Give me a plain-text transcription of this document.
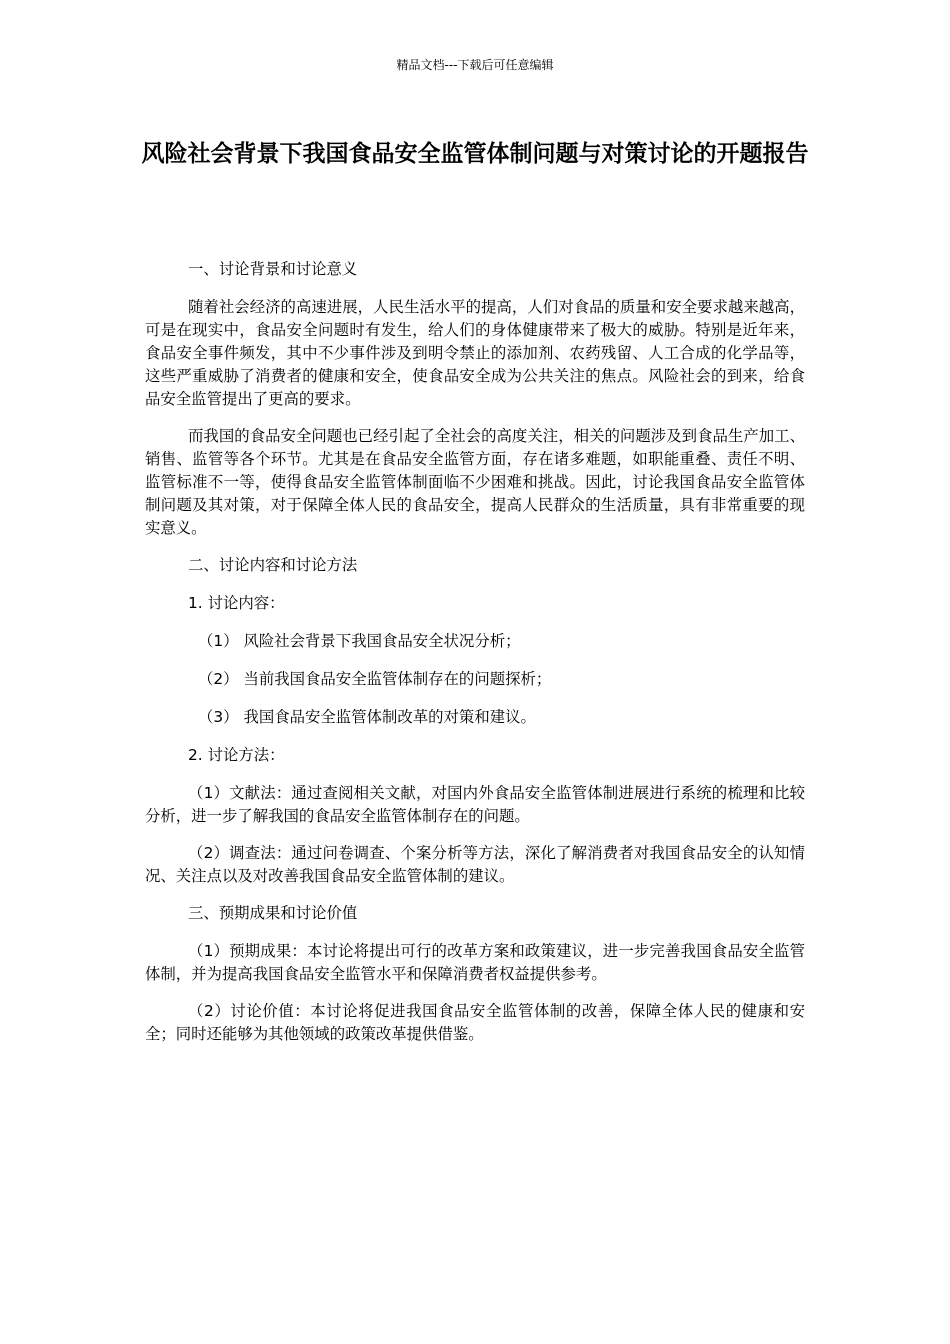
精品文档---下载后可任意编辑
风险社会背景下我国食品安全监管体制问题与对策讨论的开题报告

一、讨论背景和讨论意义

随着社会经济的高速进展，人民生活水平的提高，人们对食品的质量和安全要求越来越高，可是在现实中，食品安全问题时有发生，给人们的身体健康带来了极大的威胁。特别是近年来，食品安全事件频发，其中不少事件涉及到明令禁止的添加剂、农药残留、人工合成的化学品等，这些严重威胁了消费者的健康和安全，使食品安全成为公共关注的焦点。风险社会的到来，给食品安全监管提出了更高的要求。

而我国的食品安全问题也已经引起了全社会的高度关注，相关的问题涉及到食品生产加工、销售、监管等各个环节。尤其是在食品安全监管方面，存在诸多难题，如职能重叠、责任不明、监管标准不一等，使得食品安全监管体制面临不少困难和挑战。因此，讨论我国食品安全监管体制问题及其对策，对于保障全体人民的食品安全，提高人民群众的生活质量，具有非常重要的现实意义。

二、讨论内容和讨论方法

1. 讨论内容：

（1） 风险社会背景下我国食品安全状况分析；

（2） 当前我国食品安全监管体制存在的问题探析；

（3） 我国食品安全监管体制改革的对策和建议。

2. 讨论方法：

（1）文献法：通过查阅相关文献，对国内外食品安全监管体制进展进行系统的梳理和比较分析，进一步了解我国的食品安全监管体制存在的问题。

（2）调查法：通过问卷调查、个案分析等方法，深化了解消费者对我国食品安全的认知情况、关注点以及对改善我国食品安全监管体制的建议。

三、预期成果和讨论价值

（1）预期成果：本讨论将提出可行的改革方案和政策建议，进一步完善我国食品安全监管体制，并为提高我国食品安全监管水平和保障消费者权益提供参考。

（2）讨论价值：本讨论将促进我国食品安全监管体制的改善，保障全体人民的健康和安全；同时还能够为其他领域的政策改革提供借鉴。
